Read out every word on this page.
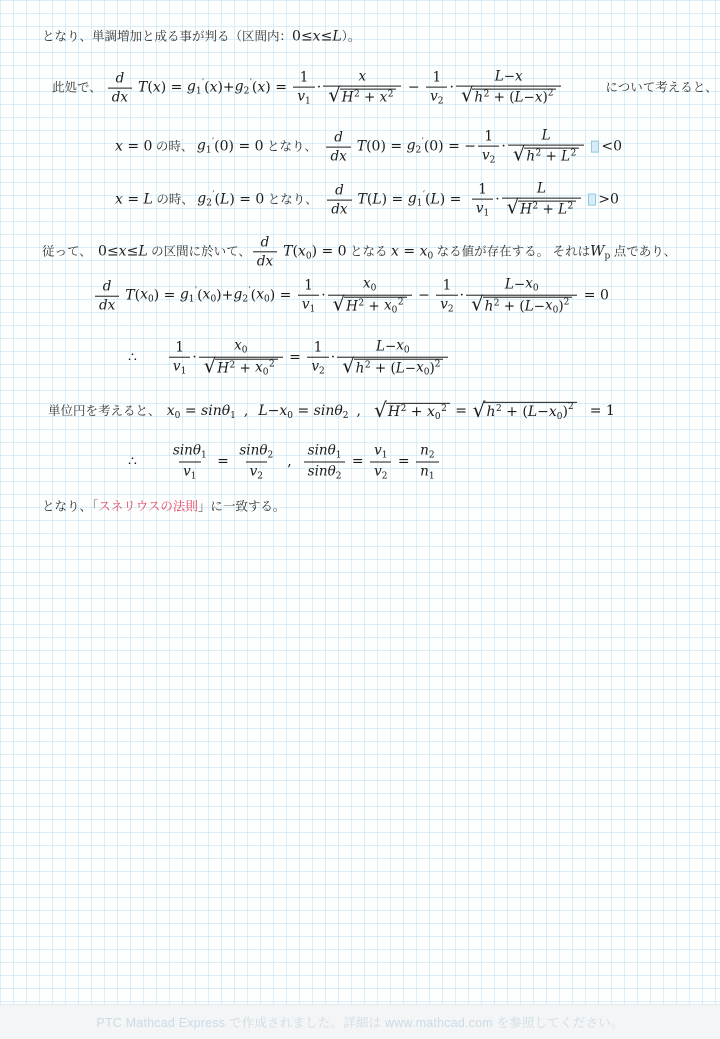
となり、単調増加と成る事が判る（区間内： 0 ≤ x ≤ L ）。
此処で、 $\frac{d}{dx}$ T ( x ) = $g_1'$ ( x )+ $g_2'$ ( x ) = $\frac{1}{v_1} \cdot \frac{x}{√ H^2 + x^2} - \frac{1}{v_2} \cdot \frac{L - x}{√ h^2 + ( L - x ) ^2}$	について考えると、
x = 0 の時、 $g_1'$ (0) = 0 となり、 $\frac{d}{dx}$ T $(0) = g_2'$ (0) = − $\frac{1}{v_2} \cdot \frac{L}{√ h^2 + L^2} <0$
x = L の時、 $g_2'$ ( L ) = 0 となり、 $\frac{d}{dx}$ T ( L ) = $g_1'$ ( L ) = $\frac{1}{v_1} \cdot \frac{L}{√ H^2 + L^2} >0$
従って、　 0 ≤ x ≤ L の区間に於いて、 $\frac{d}{dx}$ T ( $x_0$ ) = 0 となる $x = x_0$ なる値が存在する。 それは $W_p$ 点であり、
$\frac{d}{dx}$ T ( $x_0$ ) = $g_1'$ ( $x_0$ )+ $g_2'$ ( $x_0$ ) = $\frac{1}{v_1} \cdot \frac{x_0}{√ H^2 + x_0^2} - \frac{1}{v_2} \cdot \frac{L - x_0}{√ h^2 + ( L - x_0 ) ^2} = 0$
∴ $\frac{1}{v_1} \cdot \frac{x_0}{√ H^2 + x_0^2} = \frac{1}{v_2} \cdot \frac{L - x_0}{√ h^2 + ( L - x_0 ) ^2}$
単位円を考えると、　 $x_0 = \sin\theta_1$ , $L - x_0 = \sin\theta_2$ , √ $H^2 + x_0^2$ = √ $h^2$ + ( $L - x_0$ ) $^2$ = 1
∴ $\frac{\sin\theta_1}{v_1} = \frac{\sin\theta_2}{v_2}$ , $\frac{\sin\theta_1}{\sin\theta_2} = \frac{v_1}{v_2} = \frac{n_2}{n_1}$
となり、「 スネリウスの法則 」に一致する。
PTC Mathcad Express で作成されました。詳細は www.mathcad.com を参照してください。
